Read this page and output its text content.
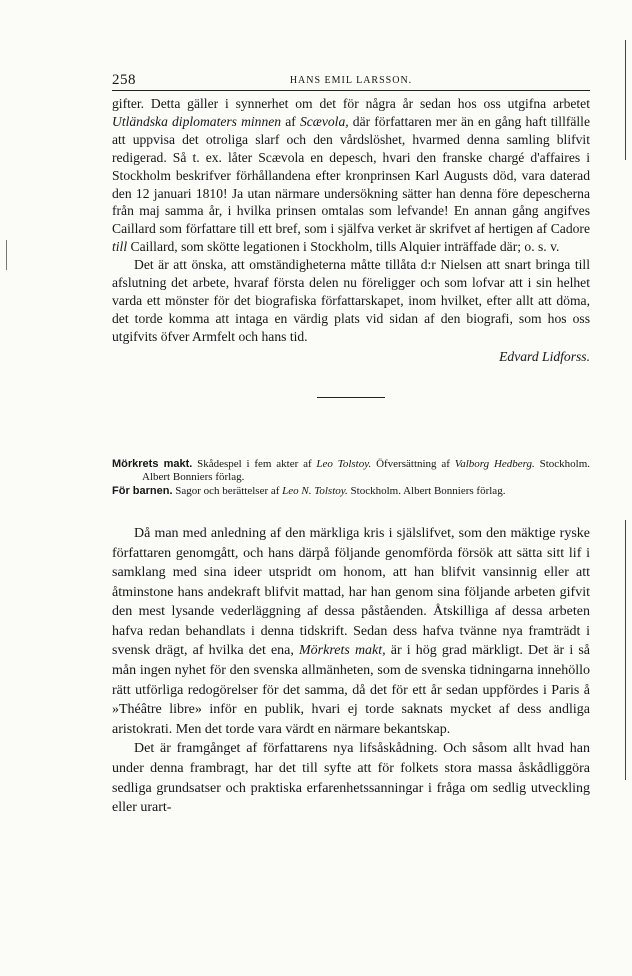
258	HANS EMIL LARSSON.

gifter. Detta gäller i synnerhet om det för några år sedan hos oss utgifna arbetet Utländska diplomaters minnen af Scævola, där författaren mer än en gång haft tillfälle att uppvisa det otroliga slarf och den vårdslöshet, hvarmed denna samling blifvit redigerad. Så t. ex. låter Scævola en depesch, hvari den franske chargé d'affaires i Stockholm beskrifver förhållandena efter kronprinsen Karl Augusts död, vara daterad den 12 januari 1810! Ja utan närmare undersökning sätter han denna före depescherna från maj samma år, i hvilka prinsen omtalas som lefvande! En annan gång angifves Caillard som författare till ett bref, som i själfva verket är skrifvet af hertigen af Cadore till Caillard, som skötte legationen i Stockholm, tills Alquier inträffade där; o. s. v.

Det är att önska, att omständigheterna måtte tillåta d:r Nielsen att snart bringa till afslutning det arbete, hvaraf första delen nu föreligger och som lofvar att i sin helhet varda ett mönster för det biografiska författarskapet, inom hvilket, efter allt att döma, det torde komma att intaga en värdig plats vid sidan af den biografi, som hos oss utgifvits öfver Armfelt och hans tid.

Edvard Lidforss.
Mörkrets makt. Skådespel i fem akter af Leo Tolstoy. Öfversättning af Valborg Hedberg. Stockholm. Albert Bonniers förlag.
För barnen. Sagor och berättelser af Leo N. Tolstoy. Stockholm. Albert Bonniers förlag.

Då man med anledning af den märkliga kris i själslifvet, som den mäktige ryske författaren genomgått, och hans därpå följande genomförda försök att sätta sitt lif i samklang med sina ideer utspridt om honom, att han blifvit vansinnig eller att åtminstone hans andekraft blifvit mattad, har han genom sina följande arbeten gifvit den mest lysande vederläggning af dessa påståenden. Åtskilliga af dessa arbeten hafva redan behandlats i denna tidskrift. Sedan dess hafva tvänne nya framträdt i svensk drägt, af hvilka det ena, Mörkrets makt, är i hög grad märkligt. Det är i så mån ingen nyhet för den svenska allmänheten, som de svenska tidningarna innehöllo rätt utförliga redogörelser för det samma, då det för ett år sedan uppfördes i Paris å »Théâtre libre» inför en publik, hvari ej torde saknats mycket af dess andliga aristokrati. Men det torde vara värdt en närmare bekantskap.

Det är framgånget af författarens nya lifsåskådning. Och såsom allt hvad han under denna frambragt, har det till syfte att för folkets stora massa åskådliggöra sedliga grundsatser och praktiska erfarenhetssanningar i fråga om sedlig utveckling eller urart-
